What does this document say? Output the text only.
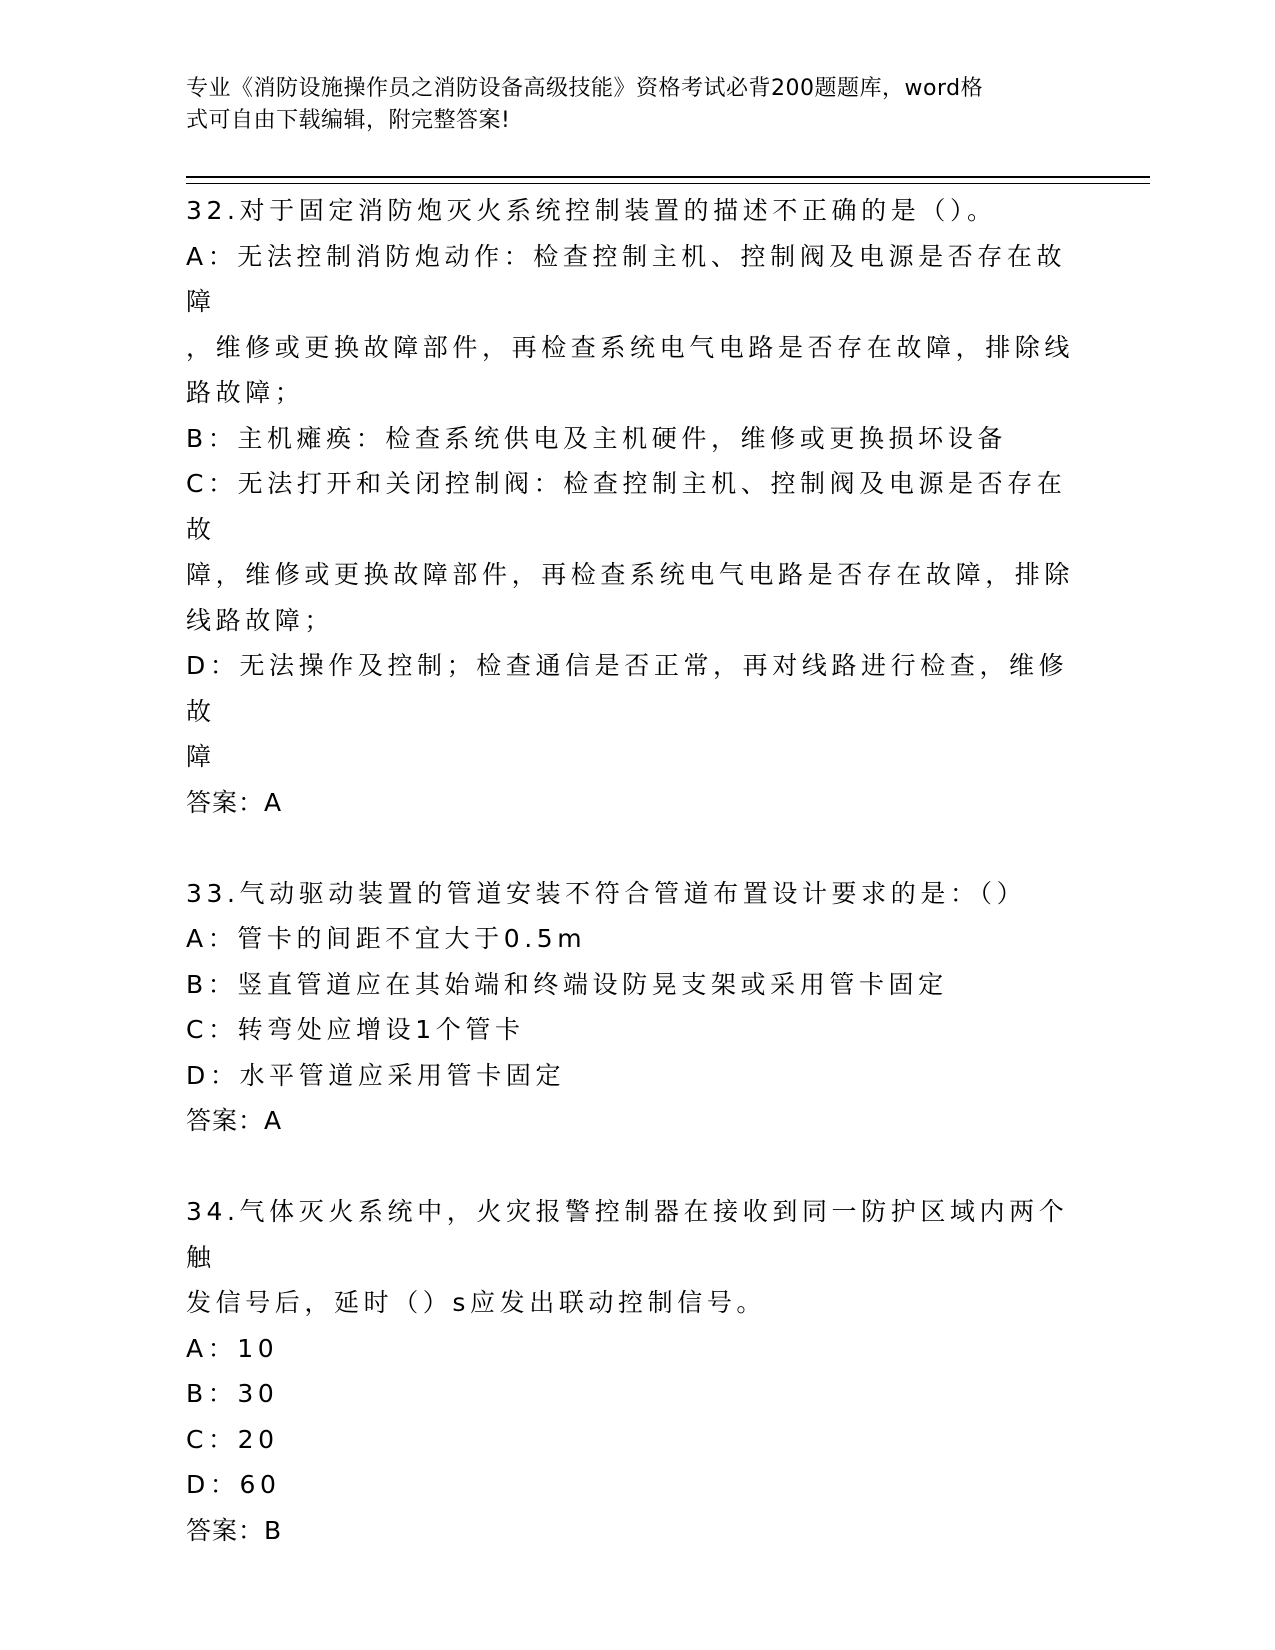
专业《消防设施操作员之消防设备高级技能》资格考试必背200题题库，word格
式可自由下载编辑，附完整答案!
32.对于固定消防炮灭火系统控制装置的描述不正确的是（）。
A：无法控制消防炮动作：检查控制主机、控制阀及电源是否存在故障
，维修或更换故障部件，再检查系统电气电路是否存在故障，排除线
路故障；
B：主机瘫痪：检查系统供电及主机硬件，维修或更换损坏设备
C：无法打开和关闭控制阀：检查控制主机、控制阀及电源是否存在故
障，维修或更换故障部件，再检查系统电气电路是否存在故障，排除
线路故障；
D：无法操作及控制；检查通信是否正常，再对线路进行检查，维修故
障
答案：A
33.气动驱动装置的管道安装不符合管道布置设计要求的是：（）
A：管卡的间距不宜大于0.5m
B：竖直管道应在其始端和终端设防晃支架或采用管卡固定
C：转弯处应增设1个管卡
D：水平管道应采用管卡固定
答案：A
34.气体灭火系统中，火灾报警控制器在接收到同一防护区域内两个触
发信号后，延时（）s应发出联动控制信号。
A：10
B：30
C：20
D：60
答案：B
